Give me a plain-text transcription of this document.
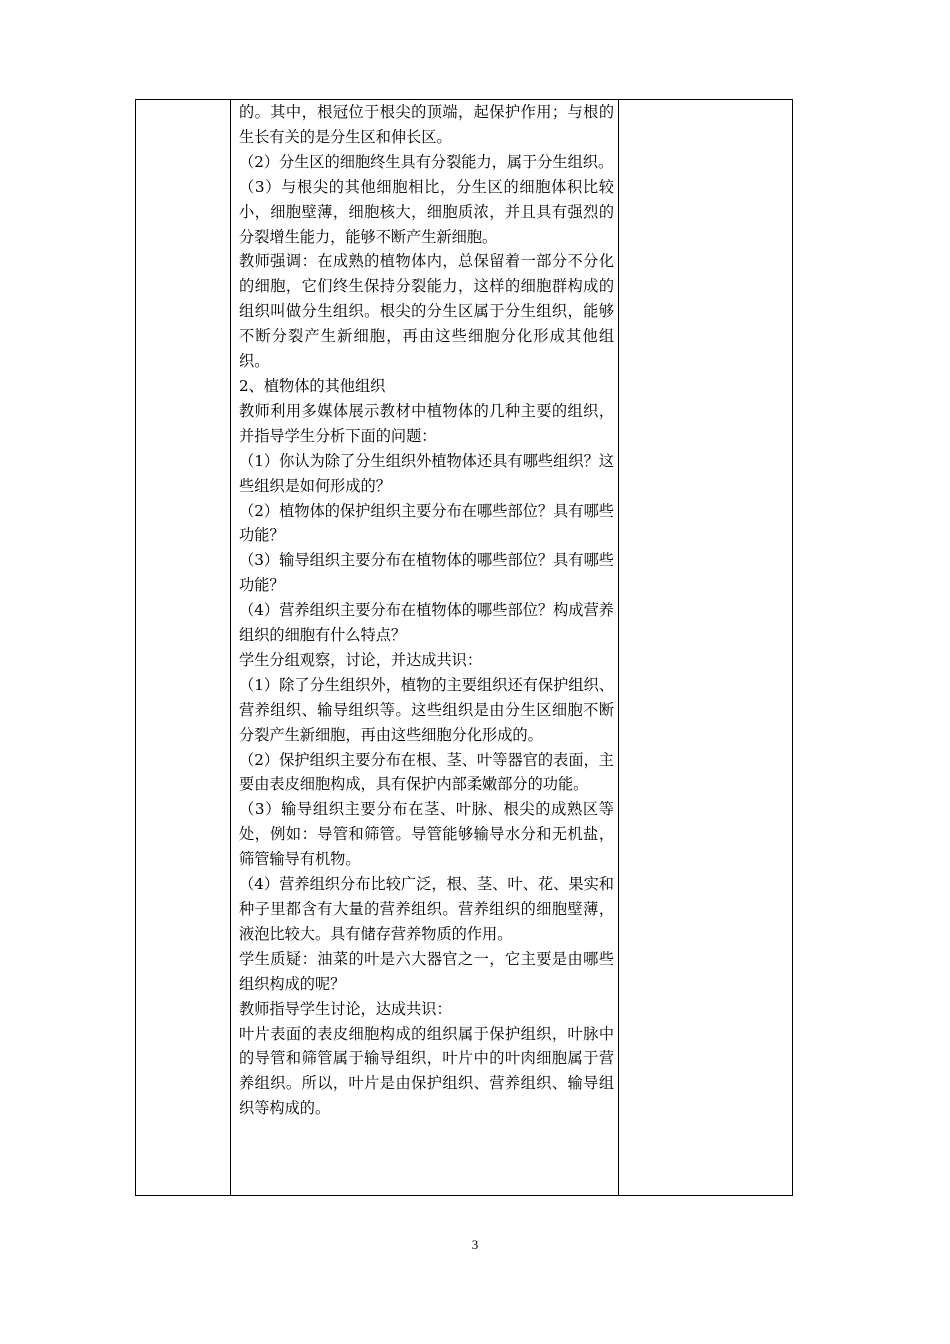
的。其中，根冠位于根尖的顶端，起保护作用；与根的生长有关的是分生区和伸长区。

（2）分生区的细胞终生具有分裂能力，属于分生组织。

（3）与根尖的其他细胞相比，分生区的细胞体积比较小，细胞壁薄，细胞核大，细胞质浓，并且具有强烈的分裂增生能力，能够不断产生新细胞。

教师强调：在成熟的植物体内，总保留着一部分不分化的细胞，它们终生保持分裂能力，这样的细胞群构成的组织叫做分生组织。根尖的分生区属于分生组织，能够不断分裂产生新细胞，再由这些细胞分化形成其他组织。

2、植物体的其他组织

教师利用多媒体展示教材中植物体的几种主要的组织，并指导学生分析下面的问题：

（1）你认为除了分生组织外植物体还具有哪些组织？这些组织是如何形成的？

（2）植物体的保护组织主要分布在哪些部位？具有哪些功能？

（3）输导组织主要分布在植物体的哪些部位？具有哪些功能？

（4）营养组织主要分布在植物体的哪些部位？构成营养组织的细胞有什么特点？

学生分组观察，讨论，并达成共识：

（1）除了分生组织外，植物的主要组织还有保护组织、营养组织、输导组织等。这些组织是由分生区细胞不断分裂产生新细胞，再由这些细胞分化形成的。

（2）保护组织主要分布在根、茎、叶等器官的表面，主要由表皮细胞构成，具有保护内部柔嫩部分的功能。

（3）输导组织主要分布在茎、叶脉、根尖的成熟区等处，例如：导管和筛管。导管能够输导水分和无机盐，筛管输导有机物。

（4）营养组织分布比较广泛，根、茎、叶、花、果实和种子里都含有大量的营养组织。营养组织的细胞壁薄，液泡比较大。具有储存营养物质的作用。

学生质疑：油菜的叶是六大器官之一，它主要是由哪些组织构成的呢？

教师指导学生讨论，达成共识：

叶片表面的表皮细胞构成的组织属于保护组织，叶脉中的导管和筛管属于输导组织，叶片中的叶肉细胞属于营养组织。所以，叶片是由保护组织、营养组织、输导组织等构成的。

3
